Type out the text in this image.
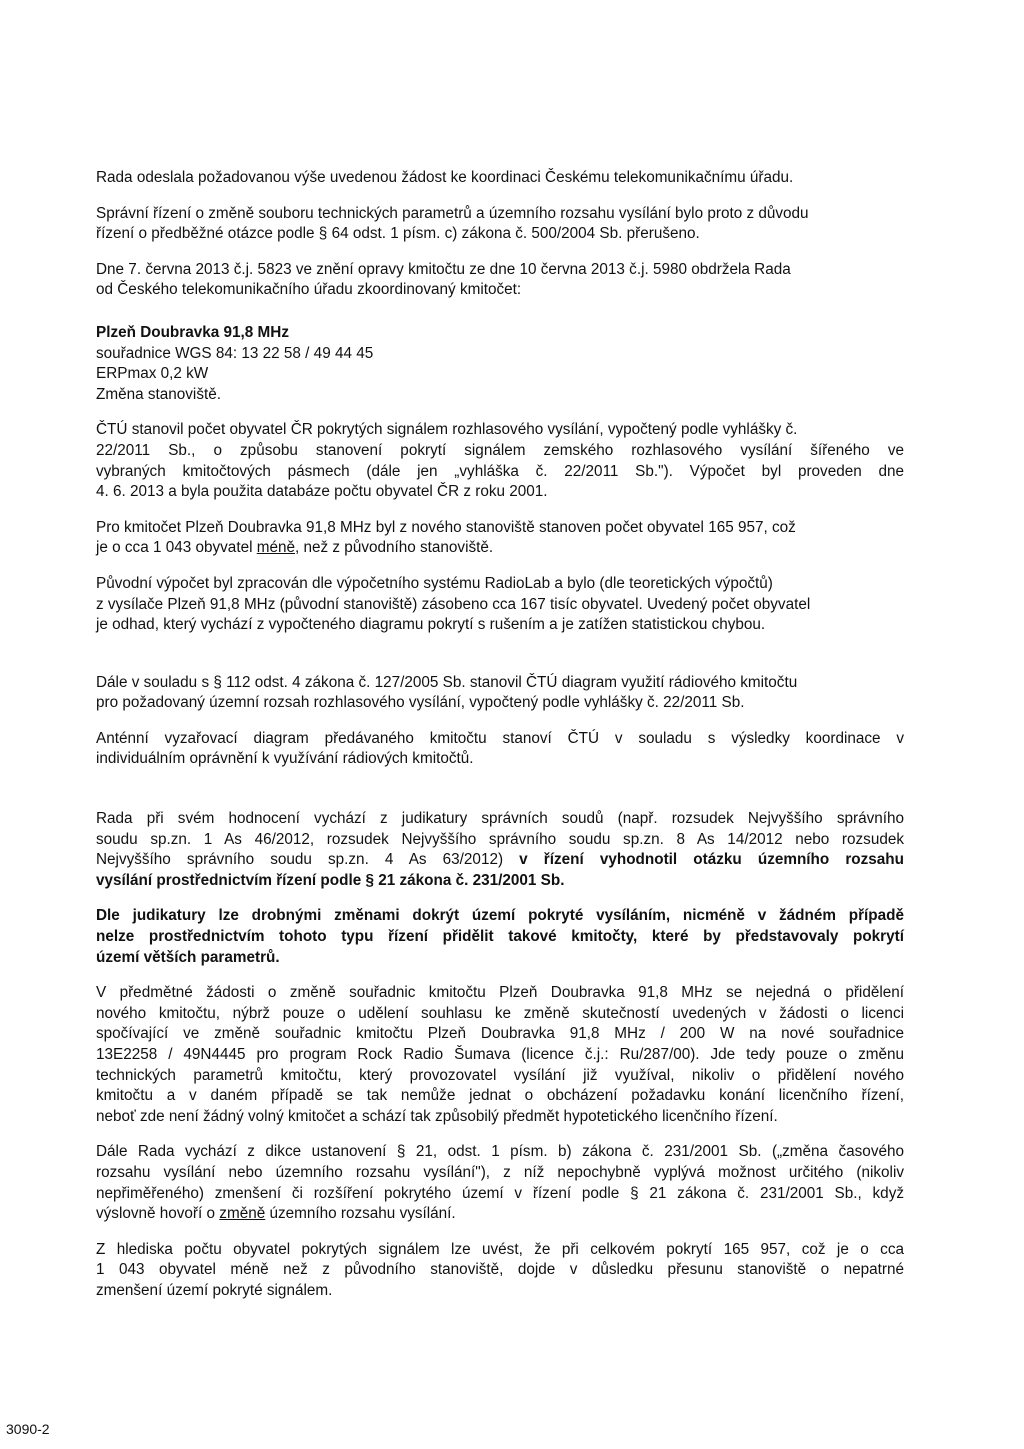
Rada odeslala požadovanou výše uvedenou žádost ke koordinaci Českému telekomunikačnímu úřadu.
Správní řízení o změně souboru technických parametrů a územního rozsahu vysílání bylo proto z důvodu
řízení o předběžné otázce podle § 64 odst. 1 písm. c) zákona č. 500/2004 Sb. přerušeno.
Dne 7. června 2013 č.j. 5823 ve znění opravy kmitočtu ze dne 10 června 2013 č.j. 5980 obdržela Rada
od Českého telekomunikačního úřadu zkoordinovaný kmitočet:
Plzeň Doubravka 91,8 MHz
souřadnice WGS 84: 13 22 58 / 49 44 45
ERPmax 0,2 kW
Změna stanoviště.
ČTÚ stanovil počet obyvatel ČR pokrytých signálem rozhlasového vysílání, vypočtený podle vyhlášky č.
22/2011 Sb., o způsobu stanovení pokrytí signálem zemského rozhlasového vysílání šířeného ve
vybraných kmitočtových pásmech (dále jen „vyhláška č. 22/2011 Sb."). Výpočet byl proveden dne
4. 6. 2013 a byla použita databáze počtu obyvatel ČR z roku 2001.
Pro kmitočet Plzeň Doubravka 91,8 MHz byl z nového stanoviště stanoven počet obyvatel 165 957, což
je o cca 1 043 obyvatel méně, než z původního stanoviště.
Původní výpočet byl zpracován dle výpočetního systému RadioLab a bylo (dle teoretických výpočtů)
z vysílače Plzeň 91,8 MHz (původní stanoviště) zásobeno cca 167 tisíc obyvatel. Uvedený počet obyvatel
je odhad, který vychází z vypočteného diagramu pokrytí s rušením a je zatížen statistickou chybou.
Dále v souladu s § 112 odst. 4 zákona č. 127/2005 Sb. stanovil ČTÚ diagram využití rádiového kmitočtu
pro požadovaný územní rozsah rozhlasového vysílání, vypočtený podle vyhlášky č. 22/2011 Sb.
Anténní vyzařovací diagram předávaného kmitočtu stanoví ČTÚ v souladu s výsledky koordinace v
individuálním oprávnění k využívání rádiových kmitočtů.
Rada při svém hodnocení vychází z judikatury správních soudů (např. rozsudek Nejvyššího správního
soudu sp.zn. 1 As 46/2012, rozsudek Nejvyššího správního soudu sp.zn. 8 As 14/2012 nebo rozsudek
Nejvyššího správního soudu sp.zn. 4 As 63/2012) v řízení vyhodnotil otázku územního rozsahu
vysílání prostřednictvím řízení podle § 21 zákona č. 231/2001 Sb.
Dle judikatury lze drobnými změnami dokrýt území pokryté vysíláním, nicméně v žádném případě
nelze prostřednictvím tohoto typu řízení přidělit takové kmitočty, které by představovaly pokrytí
území větších parametrů.
V předmětné žádosti o změně souřadnic kmitočtu Plzeň Doubravka 91,8 MHz se nejedná o přidělení
nového kmitočtu, nýbrž pouze o udělení souhlasu ke změně skutečností uvedených v žádosti o licenci
spočívající ve změně souřadnic kmitočtu Plzeň Doubravka 91,8 MHz / 200 W na nové souřadnice
13E2258 / 49N4445 pro program Rock Radio Šumava (licence č.j.: Ru/287/00). Jde tedy pouze o změnu
technických parametrů kmitočtu, který provozovatel vysílání již využíval, nikoliv o přidělení nového
kmitočtu a v daném případě se tak nemůže jednat o obcházení požadavku konání licenčního řízení,
neboť zde není žádný volný kmitočet a schází tak způsobilý předmět hypotetického licenčního řízení.
Dále Rada vychází z dikce ustanovení § 21, odst. 1 písm. b) zákona č. 231/2001 Sb. („změna časového
rozsahu vysílání nebo územního rozsahu vysílání"), z níž nepochybně vyplývá možnost určitého (nikoliv
nepřiměřeného) zmenšení či rozšíření pokrytého území v řízení podle § 21 zákona č. 231/2001 Sb., když
výslovně hovoří o změně územního rozsahu vysílání.
Z hlediska počtu obyvatel pokrytých signálem lze uvést, že při celkovém pokrytí 165 957, což je o cca
1 043 obyvatel méně než z původního stanoviště, dojde v důsledku přesunu stanoviště o nepatrné
zmenšení území pokryté signálem.
3090-2
